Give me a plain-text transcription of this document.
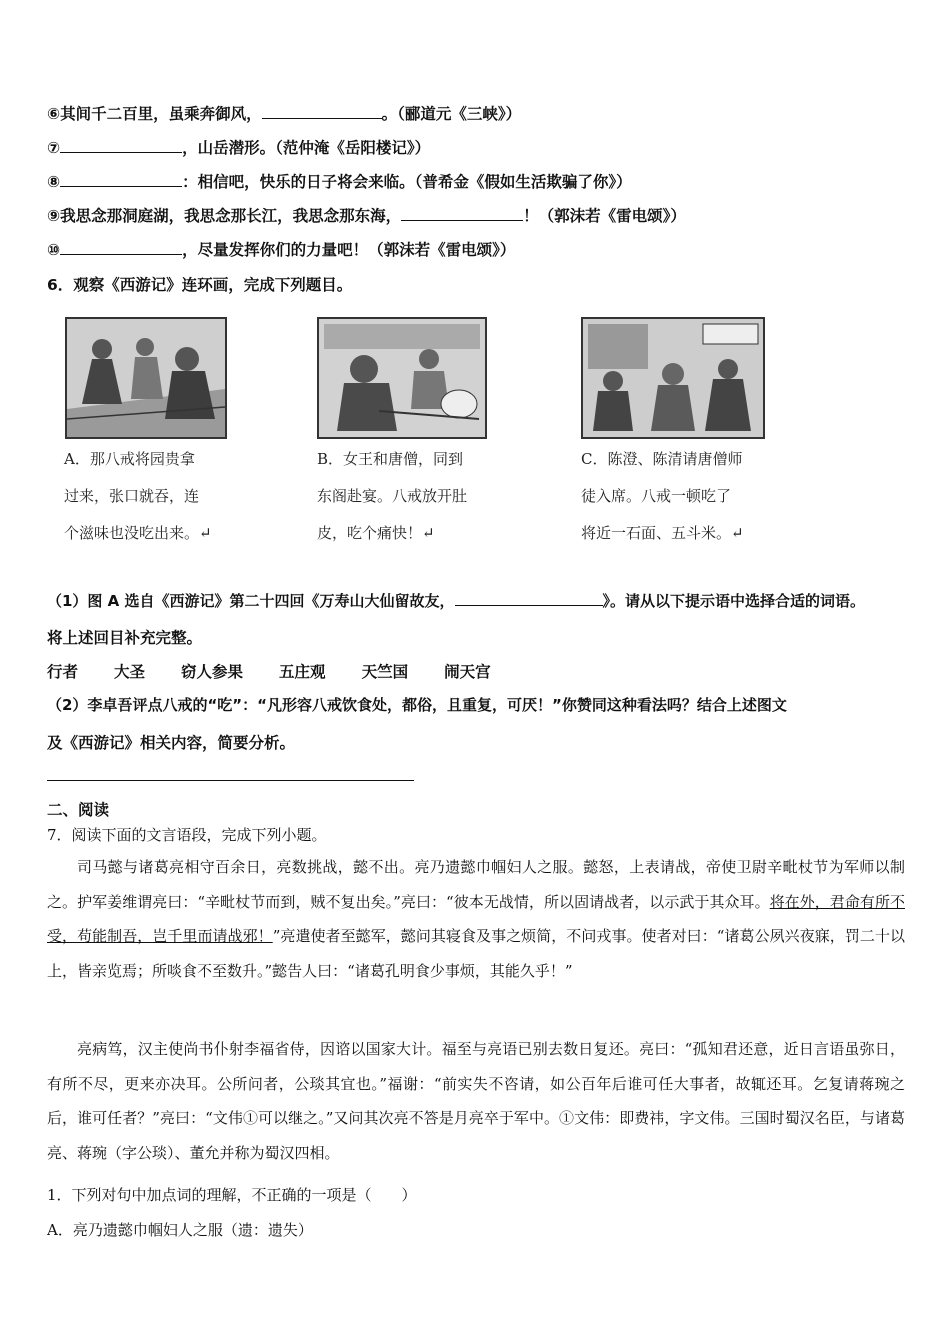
⑥其间千二百里，虽乘奔御风，	。（郦道元《三峡》）
⑦	，山岳潜形。（范仲淹《岳阳楼记》）
⑧	：相信吧，快乐的日子将会来临。（普希金《假如生活欺骗了你》）
⑨我思念那洞庭湖，我思念那长江，我思念那东海，	！（郭沫若《雷电颂》）
⑩	，尽量发挥你们的力量吧！（郭沫若《雷电颂》）
6．观察《西游记》连环画，完成下列题目。
A．那八戒将园贵拿
过来，张口就吞，连
个滋味也没吃出来。↵
B．女王和唐僧，同到
东阁赴宴。八戒放开肚
皮，吃个痛快！↵
C．陈澄、陈清请唐僧师
徒入席。八戒一顿吃了
将近一石面、五斗米。↵
（1）图 A 选自《西游记》第二十四回《万寿山大仙留故友，	》。请从以下提示语中选择合适的词语。
将上述回目补充完整。
行者 大圣 窃人参果 五庄观 天竺国 闹天宫
（2）李卓吾评点八戒的“吃”：“凡形容八戒饮食处，都俗，且重复，可厌！”你赞同这种看法吗？结合上述图文
及《西游记》相关内容，简要分析。
二、阅读
7．阅读下面的文言语段，完成下列小题。
司马懿与诸葛亮相守百余日，亮数挑战，懿不出。亮乃遗懿巾帼妇人之服。懿怒，上表请战，帝使卫尉辛毗杖节为军师以制之。护军姜维谓亮曰：“辛毗杖节而到，贼不复出矣。”亮曰：“彼本无战情，所以固请战者，以示武于其众耳。将在外，君命有所不受，苟能制吾，岂千里而请战邪！”亮遣使者至懿军，懿问其寝食及事之烦简，不问戎事。使者对曰：“诸葛公夙兴夜寐，罚二十以上，皆亲览焉；所啖食不至数升。”懿告人曰：“诸葛孔明食少事烦，其能久乎！”
亮病笃，汉主使尚书仆射李福省侍，因谘以国家大计。福至与亮语已别去数日复还。亮曰：“孤知君还意，近日言语虽弥日，有所不尽，更来亦决耳。公所问者，公琰其宜也。”福谢：“前实失不咨请，如公百年后谁可任大事者，故辄还耳。乞复请蒋琬之后，谁可任者？”亮曰：“文伟①可以继之。”又问其次亮不答是月亮卒于军中。①文伟：即费祎，字文伟。三国时蜀汉名臣，与诸葛亮、蒋琬（字公琰）、董允并称为蜀汉四相。
1．下列对句中加点词的理解，不正确的一项是（　　）
A．亮乃遗懿巾帼妇人之服（遗：遗失）
